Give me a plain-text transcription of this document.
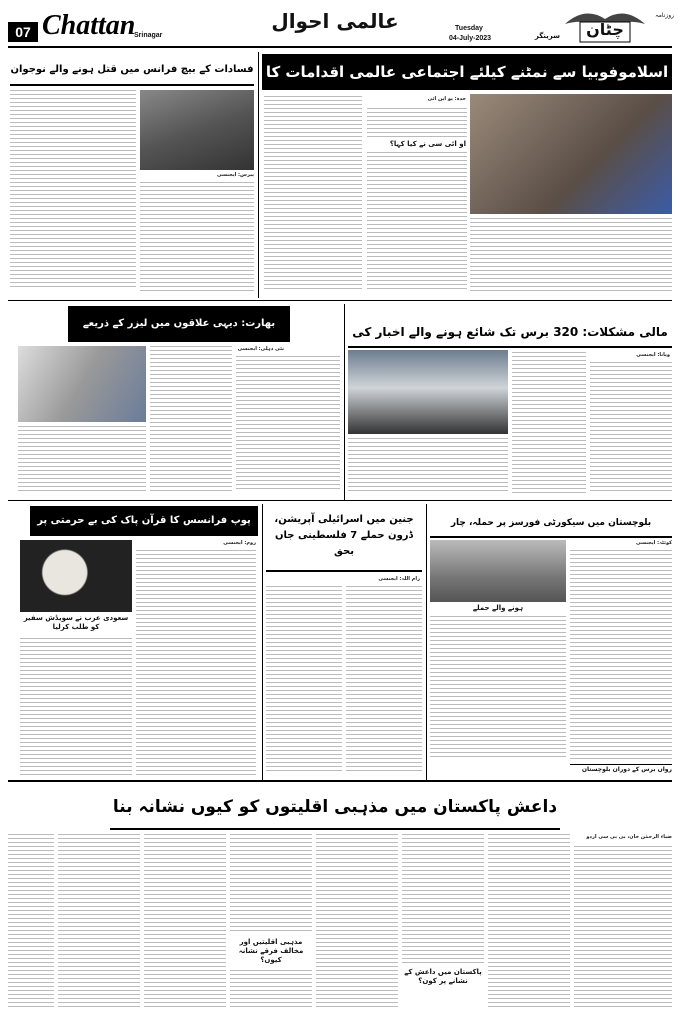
07 Chattan
Srinagar
عالمی احوال	Tuesday
04-July-2023	سرینگر	چٹان
روزنامہ
اسلاموفوبیا سے نمٹنے کیلئے اجتماعی عالمی اقدامات کا
او آئی سی نے کیا کہا؟
جدہ: یو این آئی
فسادات کے بیچ فرانس میں قتل ہونے والے نوجوان
پیرس: ایجنسی
بھارت: دیہی علاقوں میں لیزر کے ذریعے
نئی دہلی: ایجنسی
مالی مشکلات: 320 برس تک شائع ہونے والے اخبار کی
ویانا: ایجنسی
پوپ فرانسس کا قرآن پاک کی بے حرمتی پر
سعودی عرب نے سویڈش سفیر کو طلب کرلیا
روم: ایجنسی
جنین میں اسرائیلی آپریشن، ڈرون حملے 7 فلسطینی جاں بحق
رام اللہ: ایجنسی
بلوچستان میں سیکورٹی فورسز پر حملہ، چار
ہونے والے حملے
کوئٹہ: ایجنسی
رواں برس کے دوران بلوچستان
داعش پاکستان میں مذہبی اقلیتوں کو کیوں نشانہ بنا
ضیاء الرحمٰن خان، بی بی سی اردو
پاکستان میں داعش کے نشانے پر کون؟
مذہبی اقلیتیں اور مخالف فرقے نشانہ کیوں؟
